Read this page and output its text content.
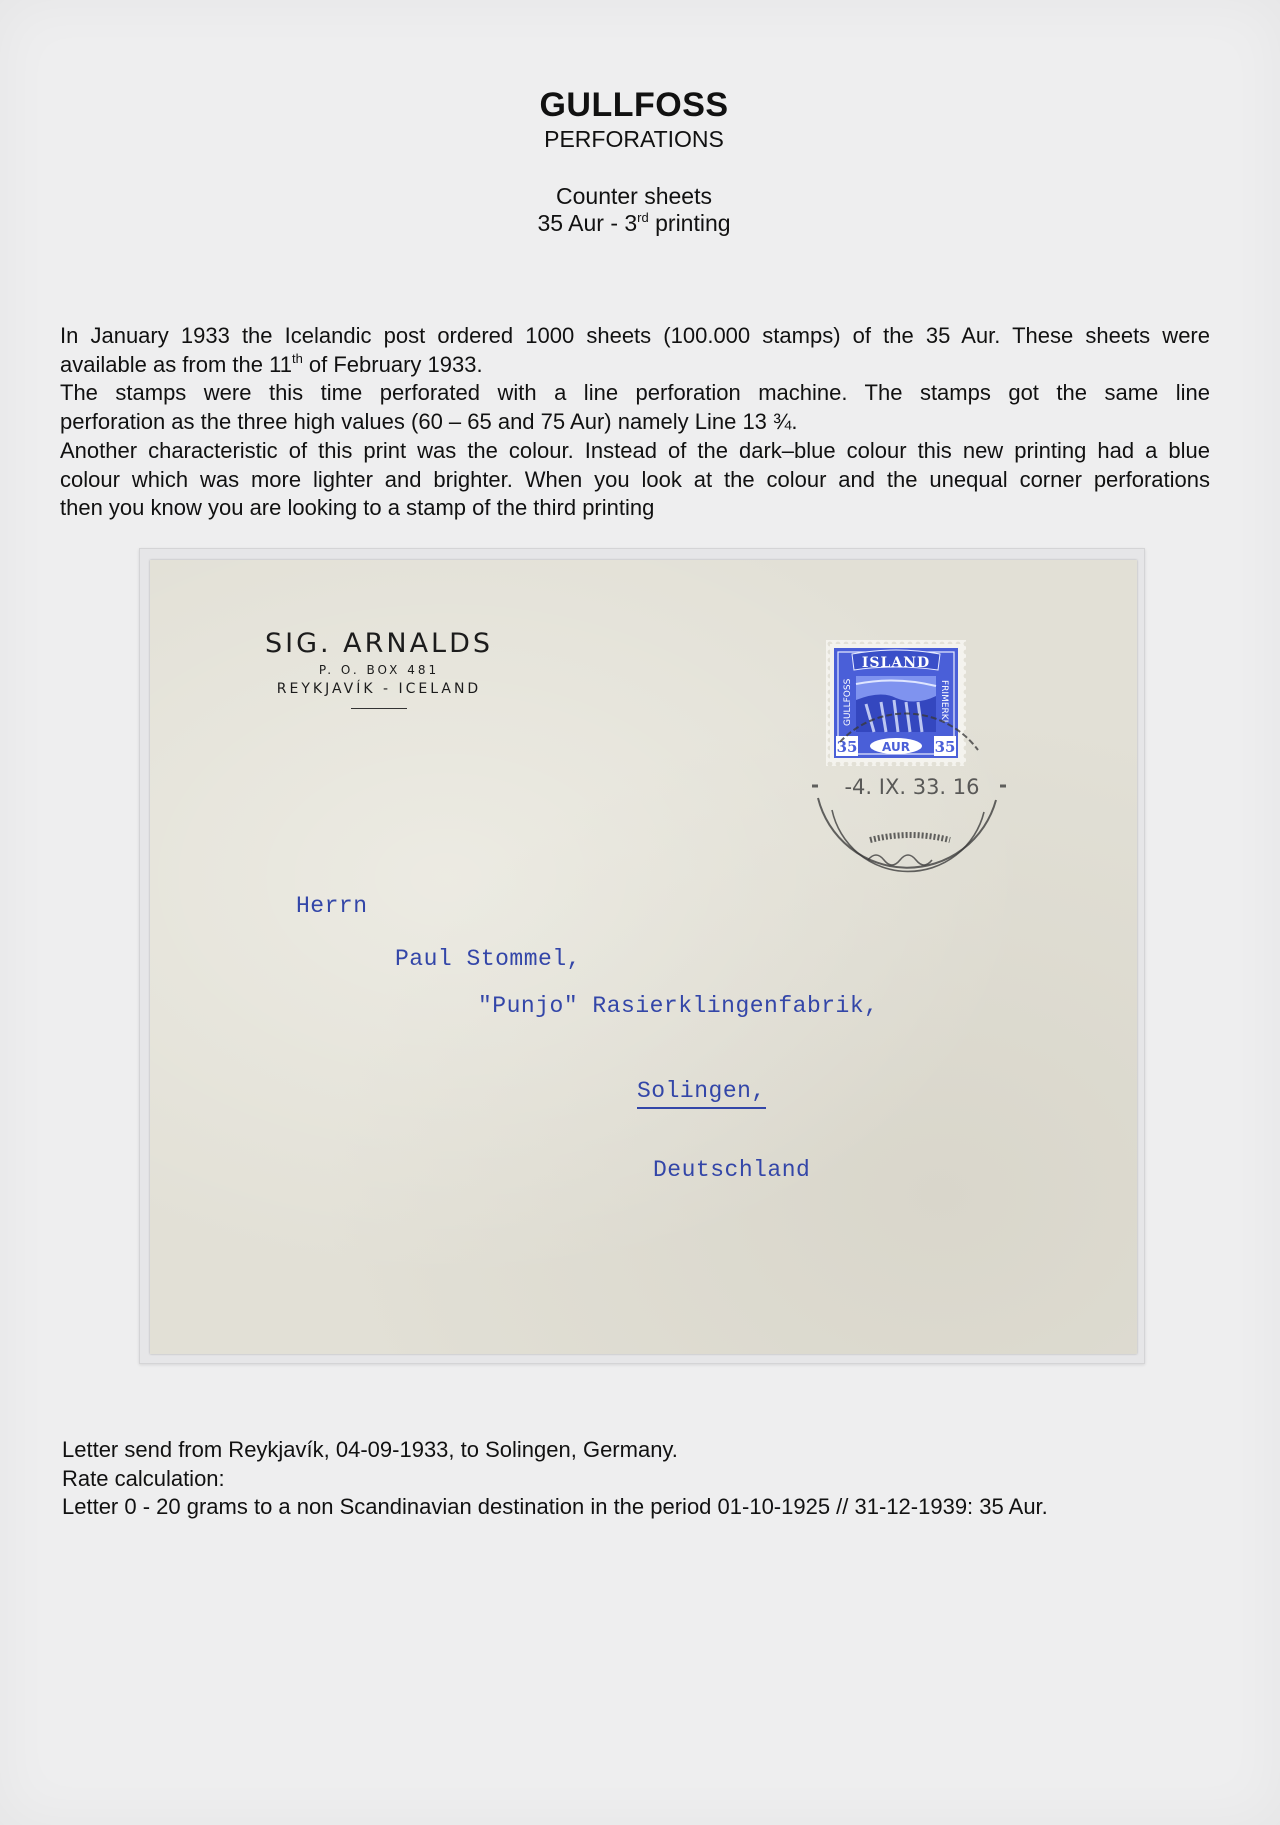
GULLFOSS
PERFORATIONS
Counter sheets
35 Aur - 3rd printing

In January 1933 the Icelandic post ordered 1000 sheets (100.000 stamps) of the 35 Aur. These sheets were

available as from the 11th of February 1933.

The stamps were this time perforated with a line perforation machine. The stamps got the same line

perforation as the three high values (60 – 65 and 75 Aur) namely Line 13 ¾.

Another characteristic of this print was the colour. Instead of the dark–blue colour this new printing had a blue

colour which was more lighter and brighter. When you look at the colour and the unequal corner perforations

then you know you are looking to a stamp of the third printing

SIG. ARNALDS
P. O. BOX 481
REYKJAVÍK - ICELAND
ISLAND
GULLFOSS	FRIMERKI
35	35
AUR
-4. IX. 33. 16
Herrn
Paul Stommel,
"Punjo" Rasierklingenfabrik,
Solingen,
Deutschland

Letter send from Reykjavík, 04-09-1933, to Solingen, Germany.

Rate calculation:

Letter 0 - 20 grams to a non Scandinavian destination in the period 01-10-1925 // 31-12-1939: 35 Aur.
